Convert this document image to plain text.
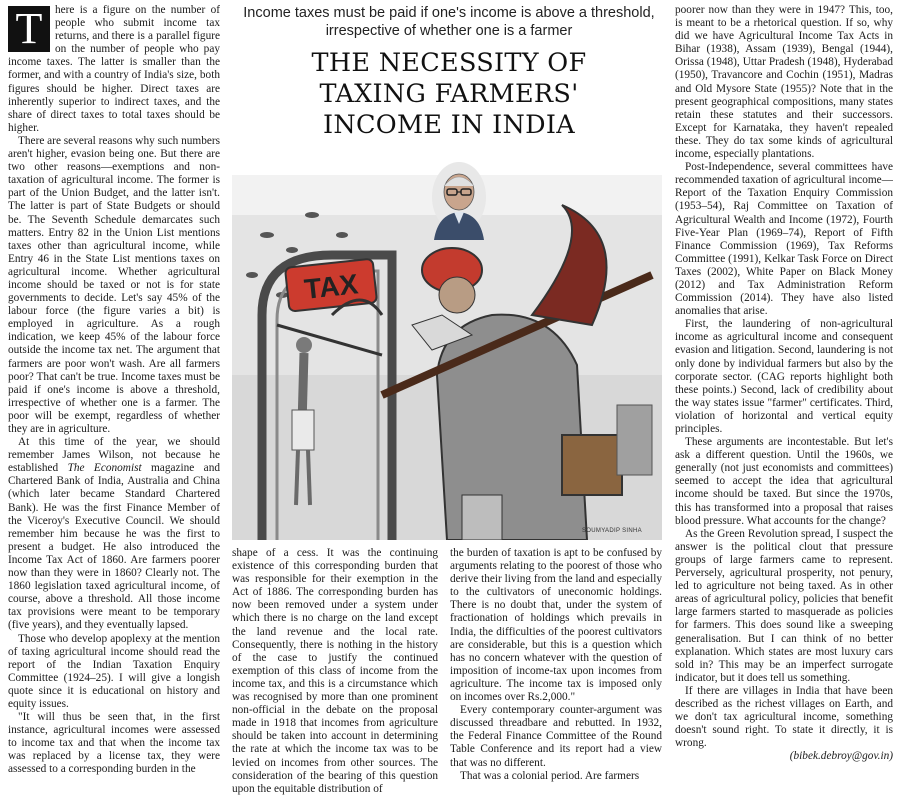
T	here is a figure on the number of people who submit income tax returns, and there is a parallel figure on the number of people who pay income taxes. The latter is smaller than the former, and with a country of India's size, both figures should be higher. Direct taxes are inherently superior to indirect taxes, and the share of direct taxes to total taxes should be higher.

There are several reasons why such numbers aren't higher, evasion being one. But there are two other reasons—exemptions and non-taxation of agricultural income. The former is part of the Union Budget, and the latter isn't. The latter is part of State Budgets or should be. The Seventh Schedule demarcates such matters. Entry 82 in the Union List mentions taxes other than agricultural income, while Entry 46 in the State List mentions taxes on agricultural income. Whether agricultural income should be taxed or not is for state governments to decide. Let's say 45% of the labour force (the figure varies a bit) is employed in agriculture. As a rough indication, we keep 45% of the labour force outside the income tax net. The argument that farmers are poor won't wash. Are all farmers poor? That can't be true. Income taxes must be paid if one's income is above a threshold, irrespective of whether one is a farmer. The poor will be exempt, regardless of whether they are in agriculture.

At this time of the year, we should remember James Wilson, not because he established The Economist magazine and Chartered Bank of India, Australia and China (which later became Standard Chartered Bank). He was the first Finance Member of the Viceroy's Executive Council. We should remember him because he was the first to present a budget. He also introduced the Income Tax Act of 1860. Are farmers poorer now than they were in 1860? Clearly not. The 1860 legislation taxed agricultural income, of course, above a threshold. All those income tax provisions were meant to be temporary (five years), and they eventually lapsed.

Those who develop apoplexy at the mention of taxing agricultural income should read the report of the Indian Taxation Enquiry Committee (1924–25). I will give a longish quote since it is educational on history and equity issues.

"It will thus be seen that, in the first instance, agricultural incomes were assessed to income tax and that when the income tax was replaced by a license tax, they were assessed to a corresponding burden in the

Income taxes must be paid if one's income is above a threshold, irrespective of whether one is a farmer
THE NECESSITY OF
TAXING FARMERS'
INCOME IN INDIA
TAX
SOUMYADIP SINHA

shape of a cess. It was the continuing existence of this corresponding burden that was responsible for their exemption in the Act of 1886. The corresponding burden has now been removed under a system under which there is no charge on the land except the land revenue and the local rate. Consequently, there is nothing in the history of the case to justify the continued exemption of this class of income from the income tax, and this is a circumstance which was recognised by more than one prominent non-official in the debate on the proposal made in 1918 that incomes from agriculture should be taken into account in determining the rate at which the income tax was to be levied on incomes from other sources. The consideration of the bearing of this question upon the equitable distribution of

the burden of taxation is apt to be confused by arguments relating to the poorest of those who derive their living from the land and especially to the cultivators of uneconomic holdings. There is no doubt that, under the system of fractionation of holdings which prevails in India, the difficulties of the poorest cultivators are considerable, but this is a question which has no concern whatever with the question of imposition of income-tax upon incomes from agriculture. The income tax is imposed only on incomes over Rs.2,000."

Every contemporary counter-argument was discussed threadbare and rebutted. In 1932, the Federal Finance Committee of the Round Table Conference and its report had a view that was no different.

That was a colonial period. Are farmers

poorer now than they were in 1947? This, too, is meant to be a rhetorical question. If so, why did we have Agricultural Income Tax Acts in Bihar (1938), Assam (1939), Bengal (1944), Orissa (1948), Uttar Pradesh (1948), Hyderabad (1950), Travancore and Cochin (1951), Madras and Old Mysore State (1955)? Note that in the present geographical compositions, many states retain these statutes and their successors. Except for Karnataka, they haven't repealed these. They do tax some kinds of agricultural income, especially plantations.

Post-Independence, several committees have recommended taxation of agricultural income—Report of the Taxation Enquiry Commission (1953–54), Raj Committee on Taxation of Agricultural Wealth and Income (1972), Fourth Five-Year Plan (1969–74), Report of Fifth Finance Commission (1969), Tax Reforms Committee (1991), Kelkar Task Force on Direct Taxes (2002), White Paper on Black Money (2012) and Tax Administration Reform Commission (2014). They have also listed anomalies that arise.

First, the laundering of non-agricultural income as agricultural income and consequent evasion and litigation. Second, laundering is not only done by individual farmers but also by the corporate sector. (CAG reports highlight both these points.) Second, lack of credibility about the way states issue "farmer" certificates. Third, violation of horizontal and vertical equity principles.

These arguments are incontestable. But let's ask a different question. Until the 1960s, we generally (not just economists and committees) seemed to accept the idea that agricultural income should be taxed. But since the 1970s, this has transformed into a proposal that raises blood pressure. What accounts for the change?

As the Green Revolution spread, I suspect the answer is the political clout that pressure groups of large farmers came to represent. Perversely, agricultural prosperity, not penury, led to agriculture not being taxed. As in other areas of agricultural policy, policies that benefit large farmers started to masquerade as policies for farmers. This does sound like a sweeping generalisation. But I can think of no better explanation. Which states are most luxury cars sold in? This may be an imperfect surrogate indicator, but it does tell us something.

If there are villages in India that have been described as the richest villages on Earth, and we don't tax agricultural income, something doesn't sound right. To state it directly, it is wrong.

(bibek.debroy@gov.in)
